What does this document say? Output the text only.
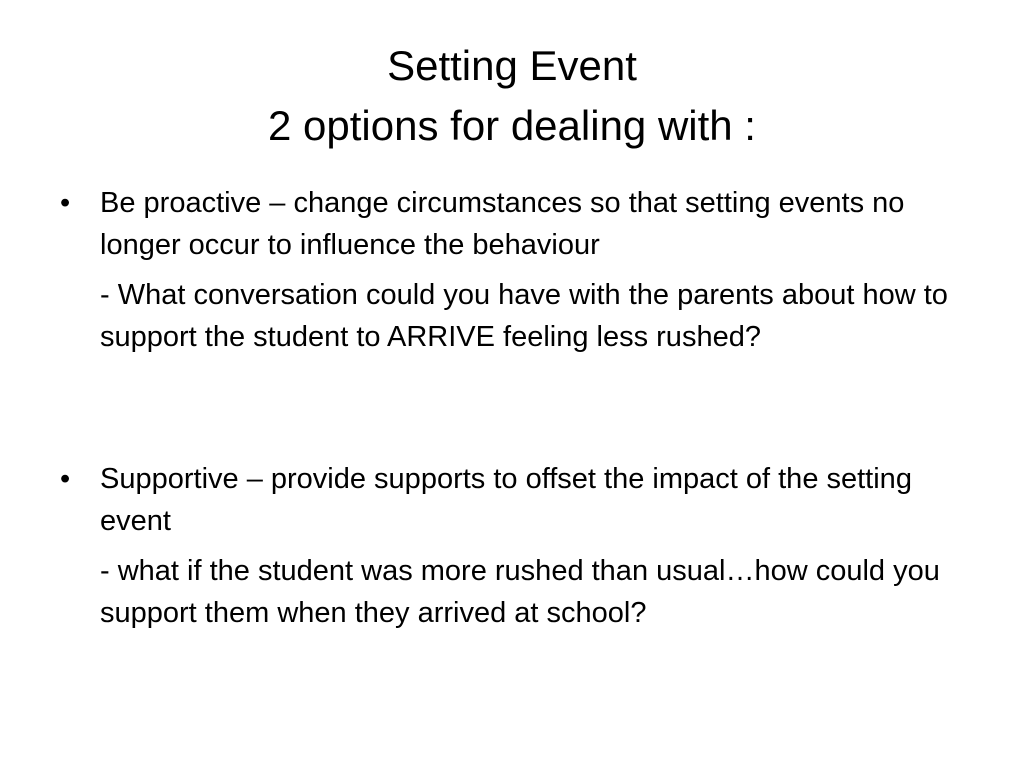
Setting Event
2 options for dealing with :
•	Be proactive – change circumstances so that setting events no longer occur to influence the behaviour
- What conversation could you have with the parents about how to support the student to ARRIVE feeling less rushed?
•	Supportive – provide supports to offset the impact of the setting event
- what if the student was more rushed than usual…how could you support them when they arrived at school?
